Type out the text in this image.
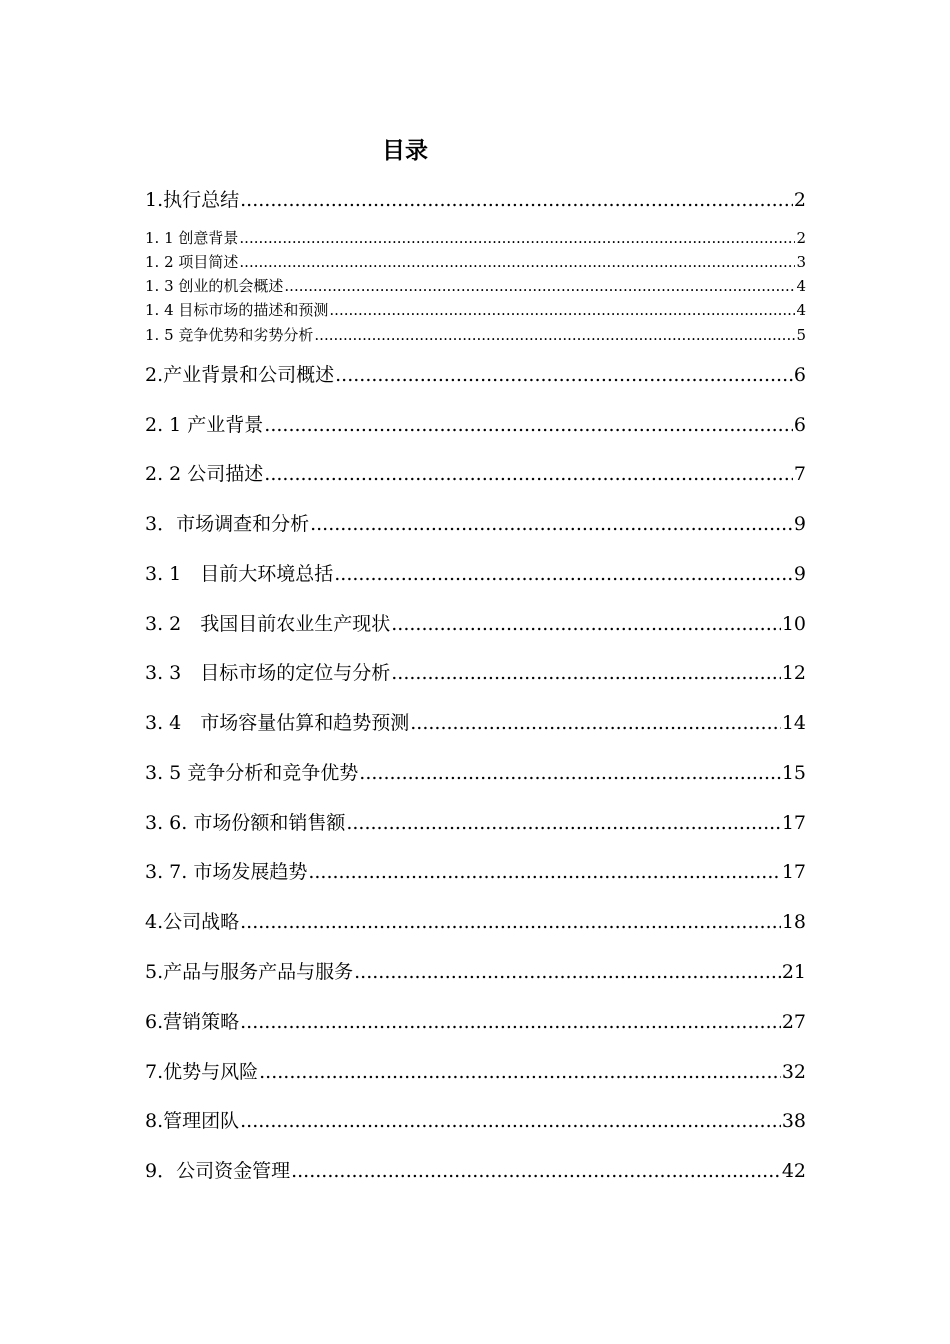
目录
1.执行总结 .....	2
1. 1 创意背景 .....	2
1. 2 项目简述 .....	3
1. 3 创业的机会概述 .....	4
1. 4 目标市场的描述和预测 .....	4
1. 5 竞争优势和劣势分析 .....	5
2.产业背景和公司概述 .....	6
2. 1 产业背景 .....	6
2. 2 公司描述 .....	7
3．市场调查和分析 .....	9
3. 1　目前大环境总括 .....	9
3. 2　我国目前农业生产现状 .....	10
3. 3　目标市场的定位与分析 .....	12
3. 4　市场容量估算和趋势预测 .....	14
3. 5 竞争分析和竞争优势 .....	15
3. 6. 市场份额和销售额 .....	17
3. 7. 市场发展趋势 .....	17
4.公司战略 .....	18
5.产品与服务产品与服务 .....	21
6.营销策略 .....	27
7.优势与风险 .....	32
8.管理团队 .....	38
9．公司资金管理 .....	42
